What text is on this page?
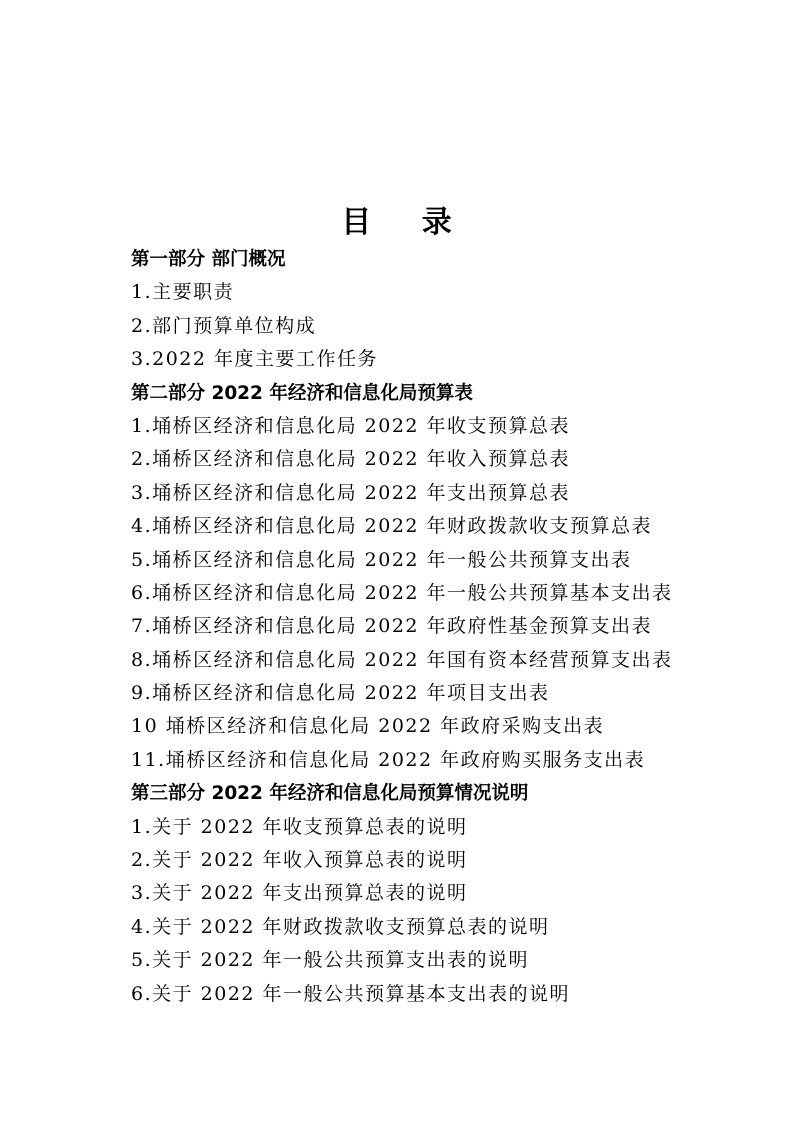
目 录
第一部分 部门概况
1.主要职责
2.部门预算单位构成
3.2022 年度主要工作任务
第二部分 2022 年经济和信息化局预算表
1.埇桥区经济和信息化局 2022 年收支预算总表
2.埇桥区经济和信息化局 2022 年收入预算总表
3.埇桥区经济和信息化局 2022 年支出预算总表
4.埇桥区经济和信息化局 2022 年财政拨款收支预算总表
5.埇桥区经济和信息化局 2022 年一般公共预算支出表
6.埇桥区经济和信息化局 2022 年一般公共预算基本支出表
7.埇桥区经济和信息化局 2022 年政府性基金预算支出表
8.埇桥区经济和信息化局 2022 年国有资本经营预算支出表
9.埇桥区经济和信息化局 2022 年项目支出表
10 埇桥区经济和信息化局 2022 年政府采购支出表
11.埇桥区经济和信息化局 2022 年政府购买服务支出表
第三部分 2022 年经济和信息化局预算情况说明
1.关于 2022 年收支预算总表的说明
2.关于 2022 年收入预算总表的说明
3.关于 2022 年支出预算总表的说明
4.关于 2022 年财政拨款收支预算总表的说明
5.关于 2022 年一般公共预算支出表的说明
6.关于 2022 年一般公共预算基本支出表的说明
